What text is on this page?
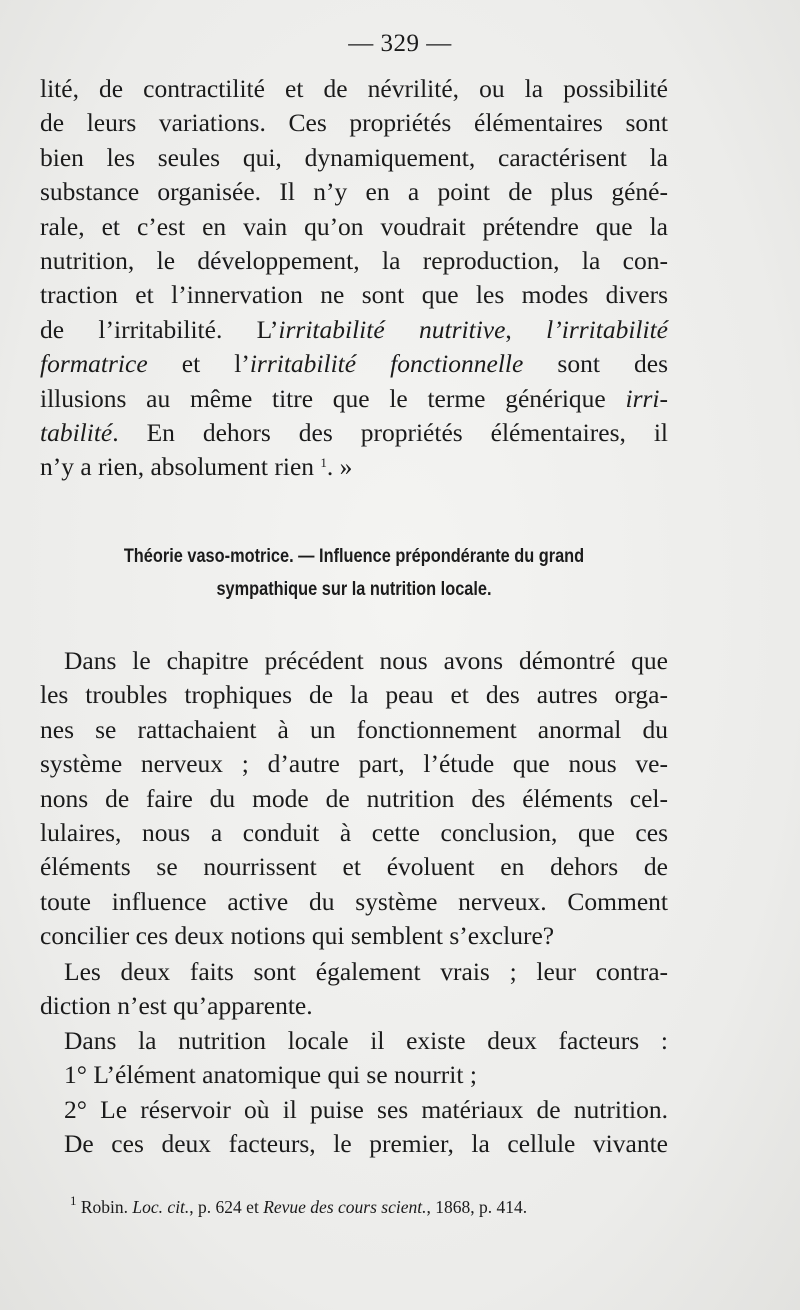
— 329 —
lité, de contractilité et de névrilité, ou la possibilité
de leurs variations. Ces propriétés élémentaires sont
bien les seules qui, dynamiquement, caractérisent la
substance organisée. Il n’y en a point de plus géné-
rale, et c’est en vain qu’on voudrait prétendre que la
nutrition, le développement, la reproduction, la con-
traction et l’innervation ne sont que les modes divers
de l’irritabilité. L’irritabilité nutritive, l’irritabilité
formatrice et l’irritabilité fonctionnelle sont des
illusions au même titre que le terme générique irri-
tabilité. En dehors des propriétés élémentaires, il
n’y a rien, absolument rien $^1$. »
Théorie vaso-motrice. — Influence prépondérante du grand
sympathique sur la nutrition locale.
Dans le chapitre précédent nous avons démontré que
les troubles trophiques de la peau et des autres orga-
nes se rattachaient à un fonctionnement anormal du
système nerveux ; d’autre part, l’étude que nous ve-
nons de faire du mode de nutrition des éléments cel-
lulaires, nous a conduit à cette conclusion, que ces
éléments se nourrissent et évoluent en dehors de
toute influence active du système nerveux. Comment
concilier ces deux notions qui semblent s’exclure?
Les deux faits sont également vrais ; leur contra-
diction n’est qu’apparente.
Dans la nutrition locale il existe deux facteurs :
1° L’élément anatomique qui se nourrit ;
2° Le réservoir où il puise ses matériaux de nutrition.
De ces deux facteurs, le premier, la cellule vivante
$^1$ Robin. Loc. cit., p. 624 et Revue des cours scient., 1868, p. 414.
